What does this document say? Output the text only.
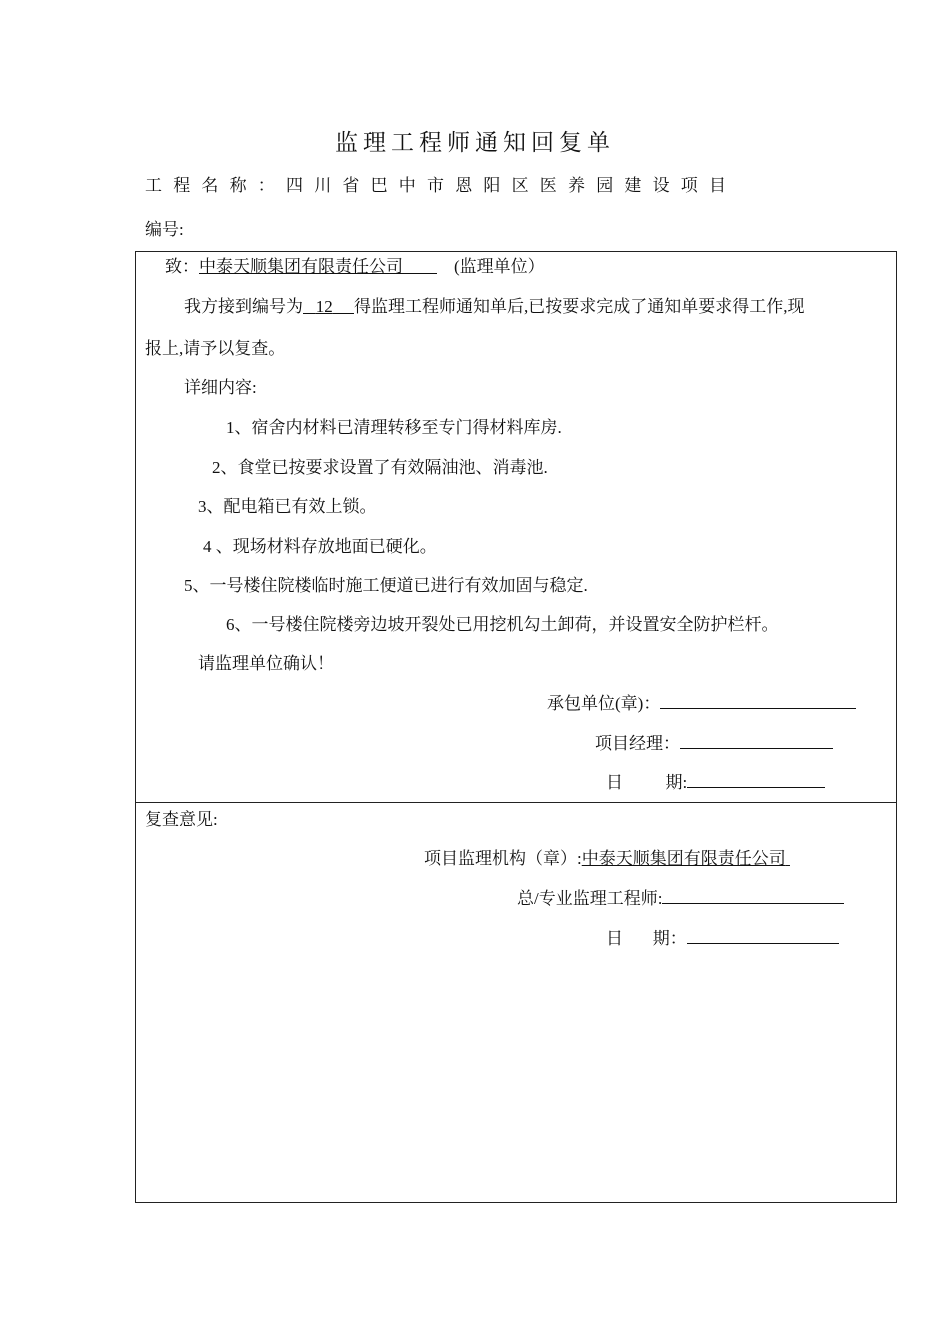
监理工程师通知回复单
工程名称：四川省巴中市恩阳区医养园建设项目
编号:
致：中泰天顺集团有限责任公司	(监理单位）
我方接到编号为 12 得监理工程师通知单后,已按要求完成了通知单要求得工作,现
报上,请予以复查。
详细内容:
1、宿舍内材料已清理转移至专门得材料库房.
2、食堂已按要求设置了有效隔油池、消毒池.
3、配电箱已有效上锁。
4 、现场材料存放地面已硬化。
5、一号楼住院楼临时施工便道已进行有效加固与稳定.
6、一号楼住院楼旁边坡开裂处已用挖机勾土卸荷，并设置安全防护栏杆。
请监理单位确认！
承包单位(章)：
项目经理：
日	期:
复查意见:
项目监理机构（章）:中泰天顺集团有限责任公司
总/专业监理工程师:
日 期：
